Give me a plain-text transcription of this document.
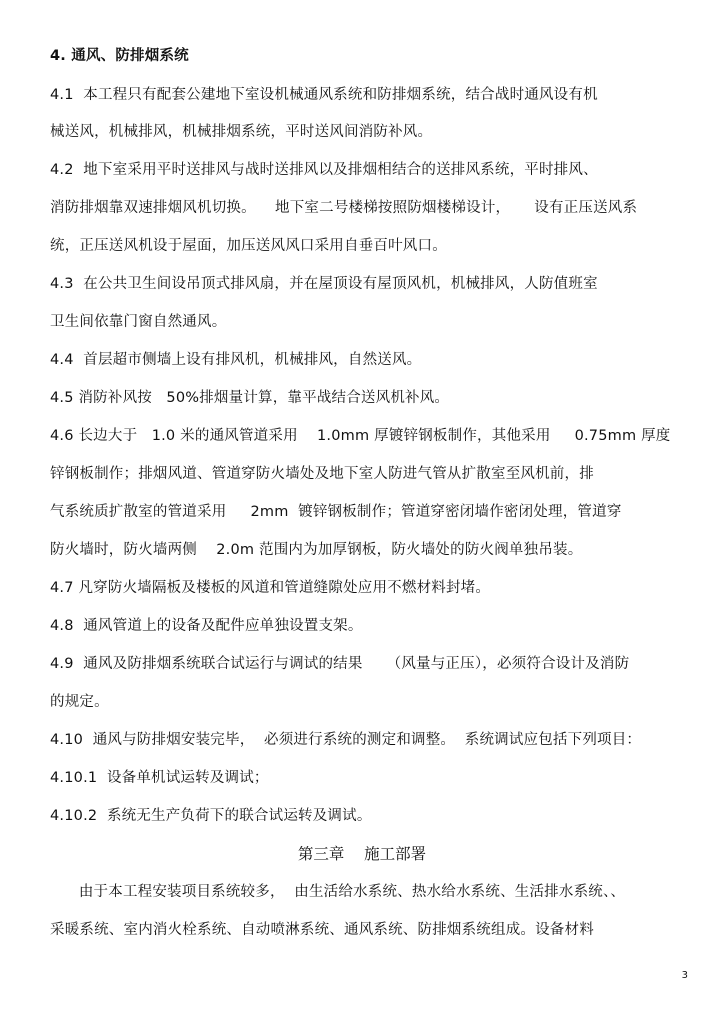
4. 通风、防排烟系统
4.1  本工程只有配套公建地下室设机械通风系统和防排烟系统，结合战时通风设有机
械送风，机械排风，机械排烟系统，平时送风间消防补风。
4.2  地下室采用平时送排风与战时送排风以及排烟相结合的送排风系统，平时排风、
消防排烟靠双速排烟风机切换。    地下室二号楼梯按照防烟楼梯设计，     设有正压送风系
统，正压送风机设于屋面，加压送风风口采用自垂百叶风口。
4.3  在公共卫生间设吊顶式排风扇，并在屋顶设有屋顶风机，机械排风，人防值班室
卫生间依靠门窗自然通风。
4.4  首层超市侧墙上设有排风机，机械排风，自然送风。
4.5 消防补风按   50%排烟量计算，靠平战结合送风机补风。
4.6 长边大于   1.0 米的通风管道采用    1.0mm 厚镀锌钢板制作，其他采用     0.75mm 厚度
锌钢板制作；排烟风道、管道穿防火墙处及地下室人防进气管从扩散室至风机前，排
气系统质扩散室的管道采用     2mm  镀锌钢板制作；管道穿密闭墙作密闭处理，管道穿
防火墙时，防火墙两侧    2.0m 范围内为加厚钢板，防火墙处的防火阀单独吊装。
4.7 凡穿防火墙隔板及楼板的风道和管道缝隙处应用不燃材料封堵。
4.8  通风管道上的设备及配件应单独设置支架。
4.9  通风及防排烟系统联合试运行与调试的结果     （风量与正压），必须符合设计及消防
的规定。
4.10  通风与防排烟安装完毕，  必须进行系统的测定和调整。  系统调试应包括下列项目：
4.10.1  设备单机试运转及调试；
4.10.2  系统无生产负荷下的联合试运转及调试。
第三章    施工部署
由于本工程安装项目系统较多，  由生活给水系统、热水给水系统、生活排水系统、、
采暖系统、室内消火栓系统、自动喷淋系统、通风系统、防排烟系统组成。设备材料
3
